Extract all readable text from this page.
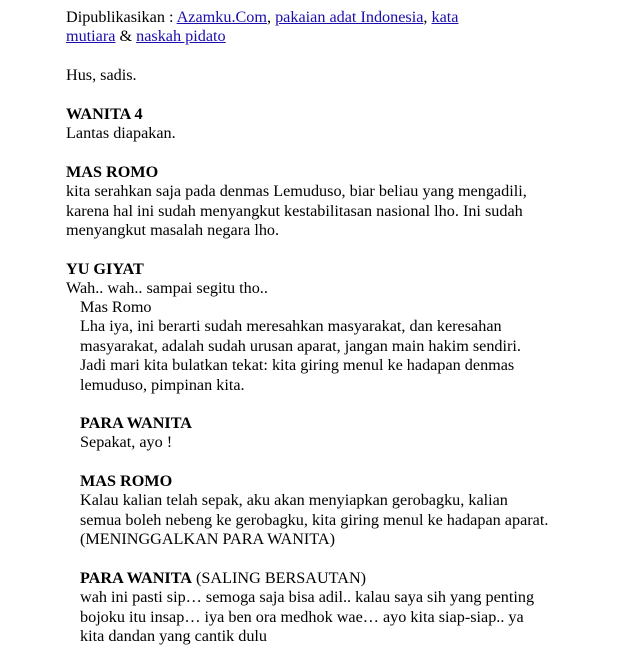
Dipublikasikan : Azamku.Com, pakaian adat Indonesia, kata
mutiara & naskah pidato
Hus, sadis.
WANITA 4
Lantas diapakan.
MAS ROMO
kita serahkan saja pada denmas Lemuduso, biar beliau yang mengadili,
karena hal ini sudah menyangkut kestabilitasan nasional lho. Ini sudah
menyangkut masalah negara lho.
YU GIYAT
Wah.. wah.. sampai segitu tho..
Mas Romo
Lha iya, ini berarti sudah meresahkan masyarakat, dan keresahan
masyarakat, adalah sudah urusan aparat, jangan main hakim sendiri.
Jadi mari kita bulatkan tekat: kita giring menul ke hadapan denmas
lemuduso, pimpinan kita.
PARA WANITA
Sepakat, ayo !
MAS ROMO
Kalau kalian telah sepak, aku akan menyiapkan gerobagku, kalian
semua boleh nebeng ke gerobagku, kita giring menul ke hadapan aparat.
(MENINGGALKAN PARA WANITA)
PARA WANITA (SALING BERSAUTAN)
wah ini pasti sip… semoga saja bisa adil.. kalau saya sih yang penting
bojoku itu insap… iya ben ora medhok wae… ayo kita siap-siap.. ya
kita dandan yang cantik dulu
